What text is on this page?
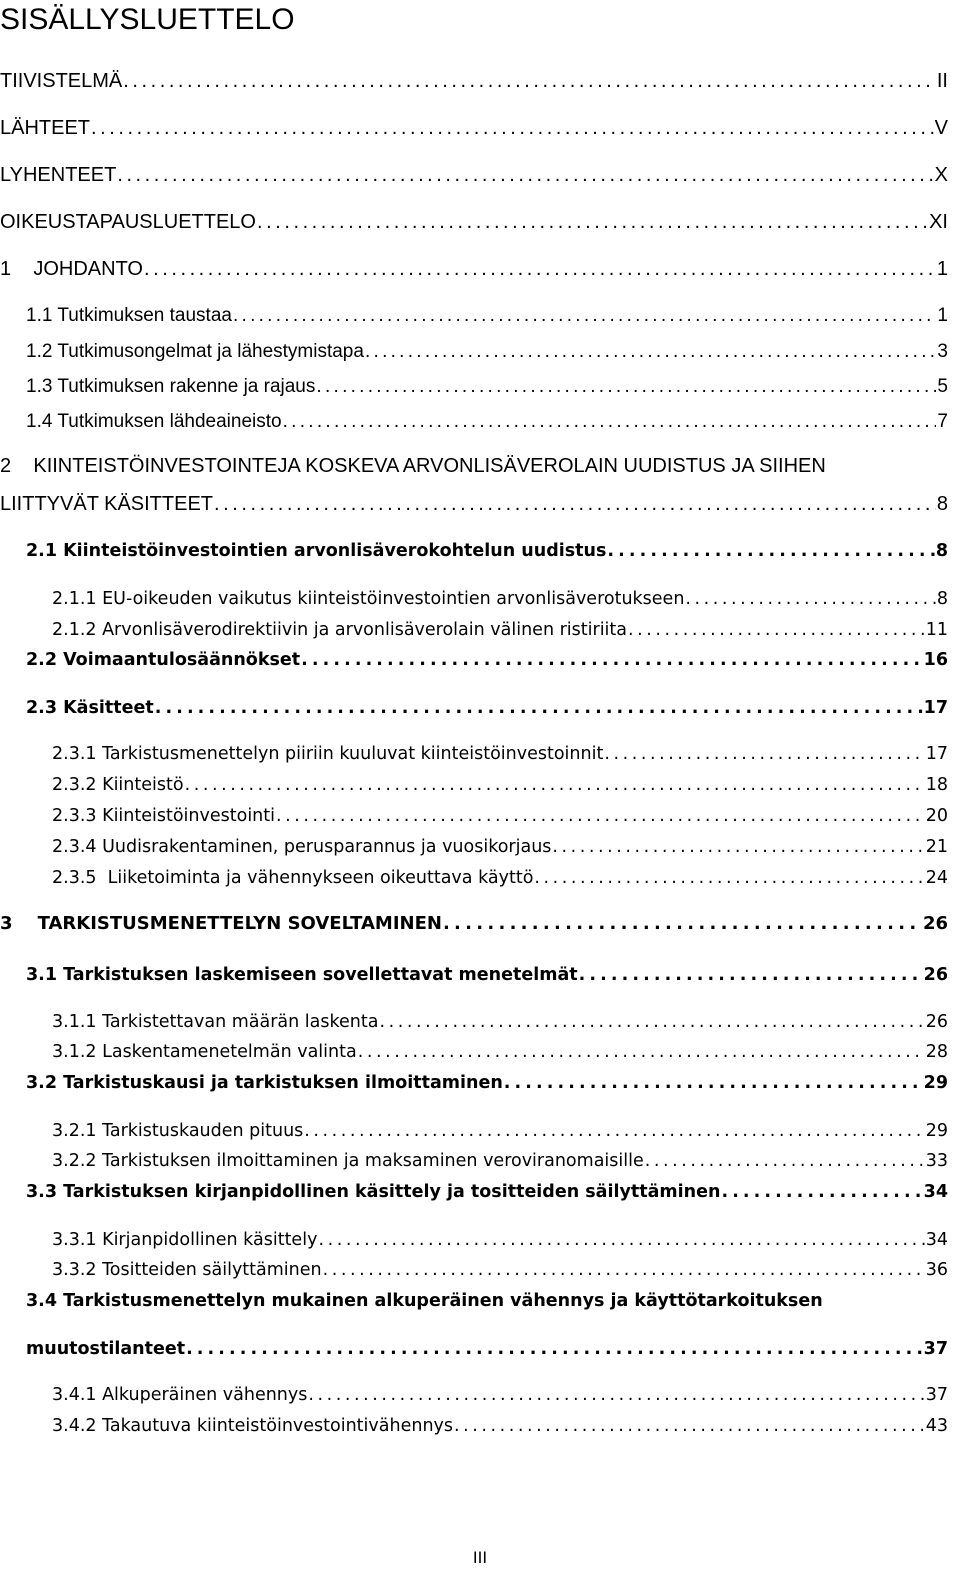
SISÄLLYSLUETTELO
TIIVISTELMÄ . . .	II
LÄHTEET . . .	V
LYHENTEET . . .	X
OIKEUSTAPAUSLUETTELO . . .	XI
1    JOHDANTO . . .	1
1.1 Tutkimuksen taustaa . . .	1
1.2 Tutkimusongelmat ja lähestymistapa . . .	3
1.3 Tutkimuksen rakenne ja rajaus . . .	5
1.4 Tutkimuksen lähdeaineisto . . .	7
2    KIINTEISTÖINVESTOINTEJA KOSKEVA ARVONLISÄVEROLAIN UUDISTUS JA SIIHEN
LIITTYVÄT KÄSITTEET . . .	8
2.1 Kiinteistöinvestointien arvonlisäverokohtelun uudistus . . .	8
2.1.1 EU-oikeuden vaikutus kiinteistöinvestointien arvonlisäverotukseen . . .	8
2.1.2 Arvonlisäverodirektiivin ja arvonlisäverolain välinen ristiriita . . .	11
2.2 Voimaantulosäännökset . . .	16
2.3 Käsitteet . . .	17
2.3.1 Tarkistusmenettelyn piiriin kuuluvat kiinteistöinvestoinnit . . .	17
2.3.2 Kiinteistö . . .	18
2.3.3 Kiinteistöinvestointi . . .	20
2.3.4 Uudisrakentaminen, perusparannus ja vuosikorjaus . . .	21
2.3.5  Liiketoiminta ja vähennykseen oikeuttava käyttö . . .	24
3    TARKISTUSMENETTELYN SOVELTAMINEN . . .	26
3.1 Tarkistuksen laskemiseen sovellettavat menetelmät . . .	26
3.1.1 Tarkistettavan määrän laskenta . . .	26
3.1.2 Laskentamenetelmän valinta . . .	28
3.2 Tarkistuskausi ja tarkistuksen ilmoittaminen . . .	29
3.2.1 Tarkistuskauden pituus . . .	29
3.2.2 Tarkistuksen ilmoittaminen ja maksaminen veroviranomaisille . . .	33
3.3 Tarkistuksen kirjanpidollinen käsittely ja tositteiden säilyttäminen . . .	34
3.3.1 Kirjanpidollinen käsittely . . .	34
3.3.2 Tositteiden säilyttäminen . . .	36
3.4 Tarkistusmenettelyn mukainen alkuperäinen vähennys ja käyttötarkoituksen
muutostilanteet . . .	37
3.4.1 Alkuperäinen vähennys . . .	37
3.4.2 Takautuva kiinteistöinvestointivähennys . . .	43
III
